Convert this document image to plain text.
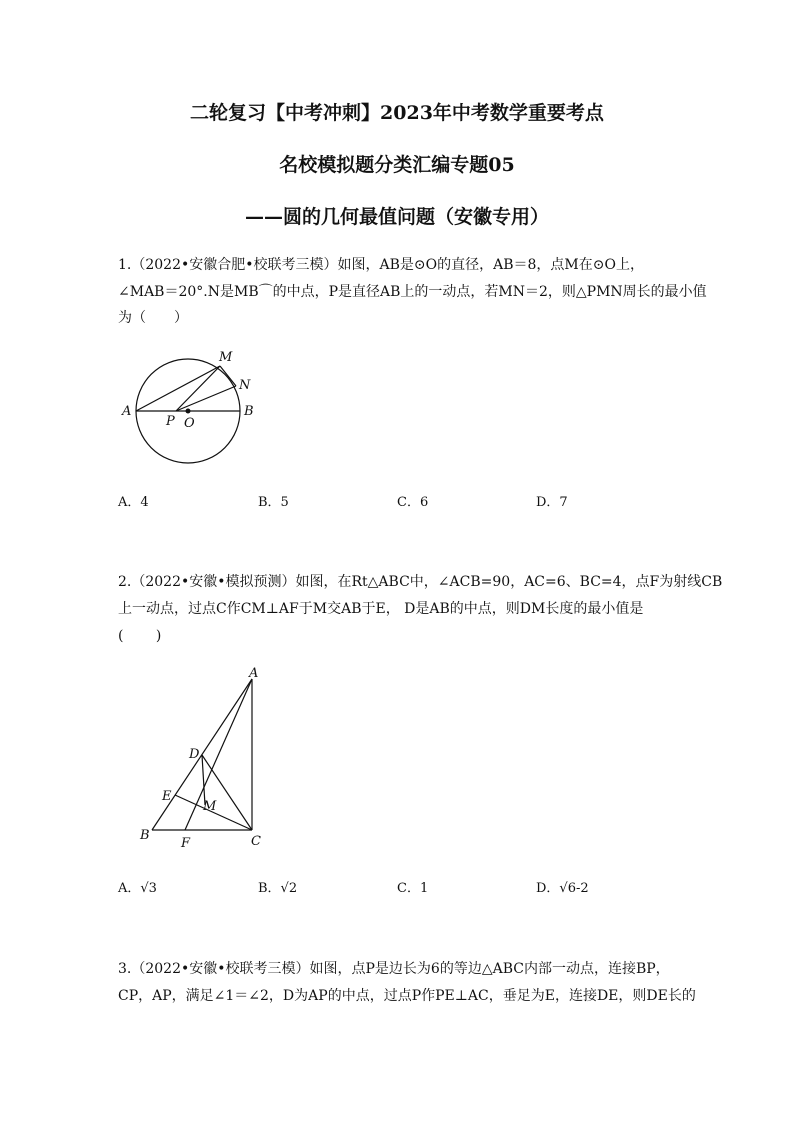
二轮复习【中考冲刺】2023年中考数学重要考点
名校模拟题分类汇编专题05
——圆的几何最值问题（安徽专用）
1.（2022•安徽合肥•校联考三模）如图，AB是⊙O的直径，AB＝8，点M在⊙O上，
∠MAB＝20°.N是MB⌒的中点，P是直径AB上的一动点，若MN＝2，则△PMN周长的最小值
为（　　）
A	B
M
N
P O
A．4	B．5	C．6	D．7
2.（2022•安徽•模拟预测）如图，在Rt△ABC中，∠ACB=90，AC=6、BC=4，点F为射线CB
上一动点，过点C作CM⊥AF于M交AB于E， D是AB的中点，则DM长度的最小值是
(　　 )
A
D
E
M
B
F	C
A．√3	B．√2	C．1	D．√6-2
3.（2022•安徽•校联考三模）如图，点P是边长为6的等边△ABC内部一动点，连接BP，
CP，AP，满足∠1＝∠2，D为AP的中点，过点P作PE⊥AC，垂足为E，连接DE，则DE长的
